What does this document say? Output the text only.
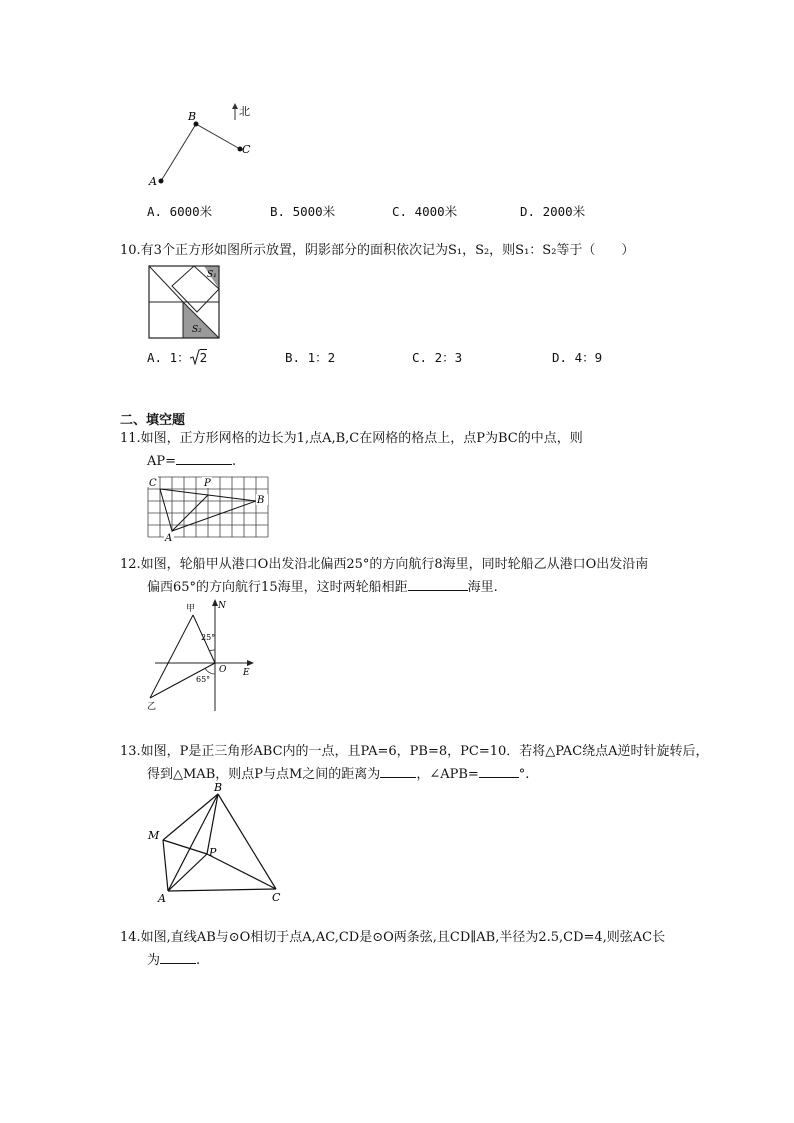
A
B
C
北
A. 6000米	B. 5000米	C. 4000米	D. 2000米
10.有3个正方形如图所示放置，阴影部分的面积依次记为S₁，S₂，则S₁：S₂等于（　　）
S₁
S₂
A. 1： 2	B. 1：2	C. 2：3	D. 4：9
二、填空题
11.如图，正方形网格的边长为1,点A,B,C在网格的格点上，点P为BC的中点，则
AP=	.
C	P
B
A
12.如图，轮船甲从港口O出发沿北偏西25°的方向航行8海里，同时轮船乙从港口O出发沿南
偏西65°的方向航行15海里，这时两轮船相距	海里.
甲	N
E
O
25°
65°
乙
13.如图，P是正三角形ABC内的一点，且PA=6，PB=8，PC=10．若将△PAC绕点A逆时针旋转后，
得到△MAB，则点P与点M之间的距离为	，∠APB=	°.
B
M
P
A	C
14.如图,直线AB与⊙O相切于点A,AC,CD是⊙O两条弦,且CD∥AB,半径为2.5,CD=4,则弦AC长
为	.
